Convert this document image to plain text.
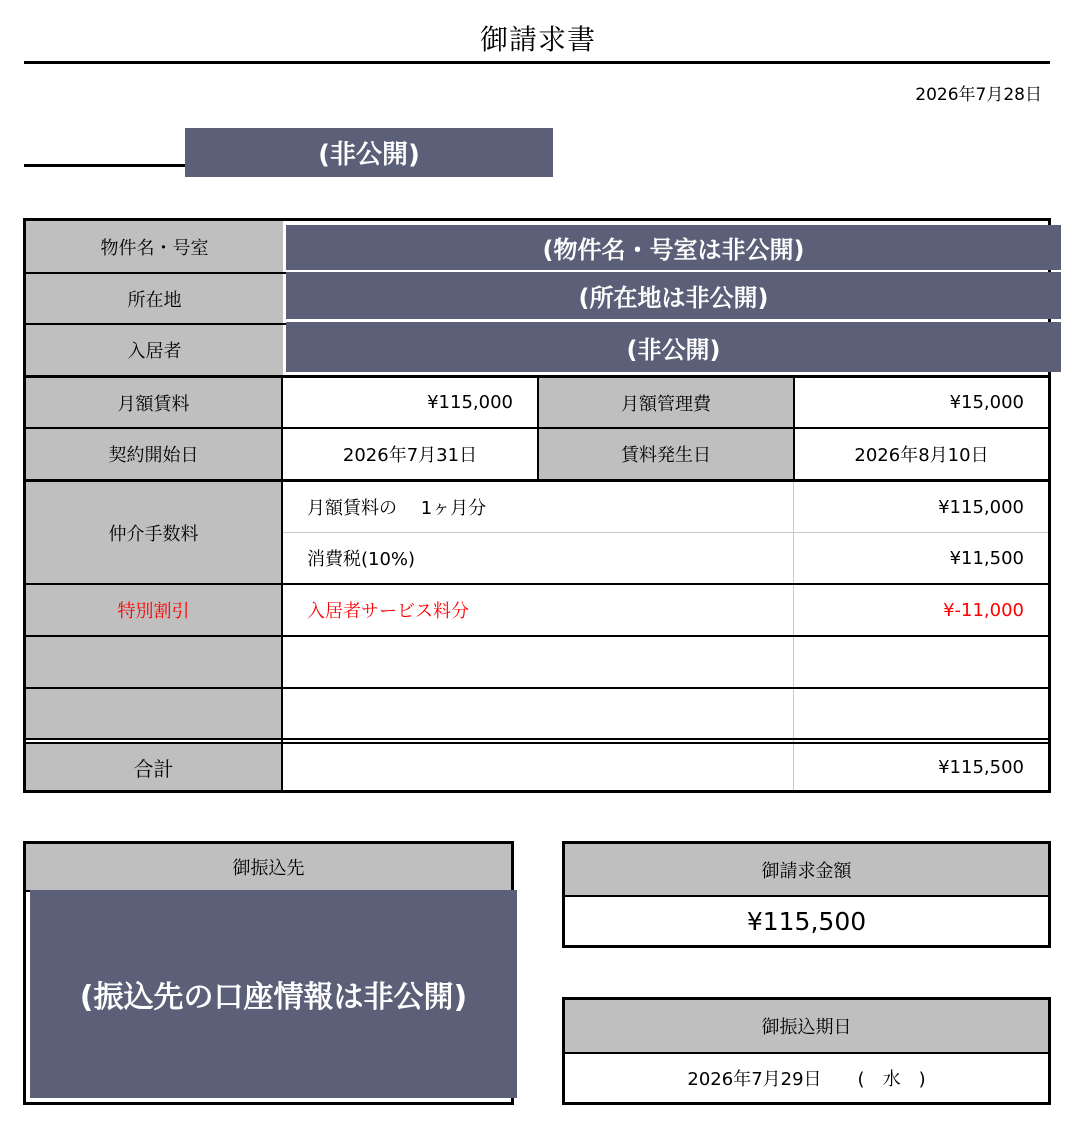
御請求書
2026年7月28日
(非公開)
物件名・号室	(物件名・号室は非公開)
所在地	(所在地は非公開)
入居者	(非公開)
月額賃料	¥115,000	月額管理費	¥15,000
契約開始日	2026年7月31日	賃料発生日	2026年8月10日
仲介手数料
月額賃料の　 1ヶ月分	¥115,000
消費税(10%)	¥11,500
特別割引	入居者サービス料分	¥-11,000
合計	¥115,500
御振込先
(振込先の口座情報は非公開)
御請求金額
¥115,500
御振込期日
2026年7月29日　　(　水　)
